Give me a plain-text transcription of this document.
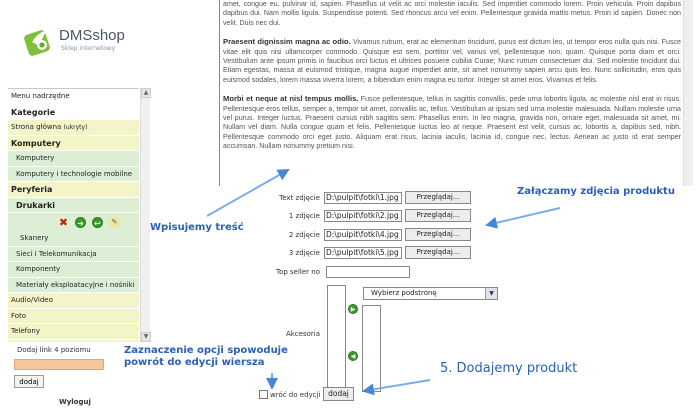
DMSshop
Sklep internetowy
Menu nadrzędne
Kategorie
Strona główna (ukryty)
Komputery
Komputery
Komputery i technologie mobilne
Peryferia
Drukarki
✖ ➜ ↩	✎
Skanery
Sieci i Telekomunikacja
Komponenty
Materiały eksploatacyjne i nośniki
Audio/Video
Foto
Telefony
▲
▼
Dodaj link 4 poziomu
dodaj
Wyloguj

amet, congue eu, pulvinar id, sapien. Phasellus ut velit ac orci molestie iaculis. Sed imperdiet commodo lorem. Proin vehicula. Proin dapibus dapibus dui. Nam mollis ligula. Suspendisse potenti. Sed rhoncus arcu vel enim. Pellentesque gravida mattis metus. Proin id sapien. Donec non velit. Duis nec dui.

Praesent dignissim magna ac odio. Vivamus rutrum, erat ac elementum tincidunt, purus est dictum leo, ut tempor eros nulla quis nisi. Fusce vitae elit quis nisi ullamcorper commodo. Quisque est sem, porttitor vel, varius vel, pellentesque non, quam. Quisque porta diam et orci. Vestibulum ante ipsum primis in faucibus orci luctus et ultrices posuere cubilia Curae; Nunc rutrum consectetuer dui. Sed molestie tincidunt dui. Etiam egestas, massa at euismod tristique, magna augue imperdiet ante, sit amet nonummy sapien arcu quis leo. Nunc sollicitudin, eros quis euismod sodales, lorem massa viverra lorem, a bibendum enim magna eu tortor. Integer sit amet eros. Vivamus et felis.

Morbi et neque at nisl tempus mollis. Fusce pellentesque, tellus in sagittis convallis, pede urna lobortis ligula, ac molestie nisl erat in risus. Pellentesque eros tellus, semper a, tempor sit amet, convallis ac, tellus. Vestibulum at ipsum sed urna molestie malesuada. Nullam molestie urna vel purus. Integer luctus. Praesent cursus nibh sagittis sem. Phasellus enim. In leo magna, gravida non, ornare eget, malesuada sit amet, mi. Nullam vel diam. Nulla congue quam et felis. Pellentesque luctus leo at neque. Praesent est velit, cursus ac, lobortis a, dapibus sed, nibh. Pellentesque commodo orci eget justo. Aliquam erat risus, lacinia iaculis, lacinia id, congue nec, lectus. Aenean ac justo id erat semper accumsan. Nullam nonummy pretium nisi.

Text zdjęcie D:\pulpit\fotki\1.jpg	Przeglądaj...
1 zdjęcie D:\pulpit\fotki\2.jpg	Przeglądaj...
2 zdjęcie D:\pulpit\fotki\4.jpg	Przeglądaj...
3 zdjęcie D:\pulpit\fotki\5.jpg	Przeglądaj...
Top seller no
Akcesoria
▶
◀
Wybierz podstronę	▼
wróć do edycji	dodaj
Wpisujemy treść
Załączamy zdjęcia produktu
Zaznaczenie opcji spowoduje
powrót do edycji wiersza	5. Dodajemy produkt
